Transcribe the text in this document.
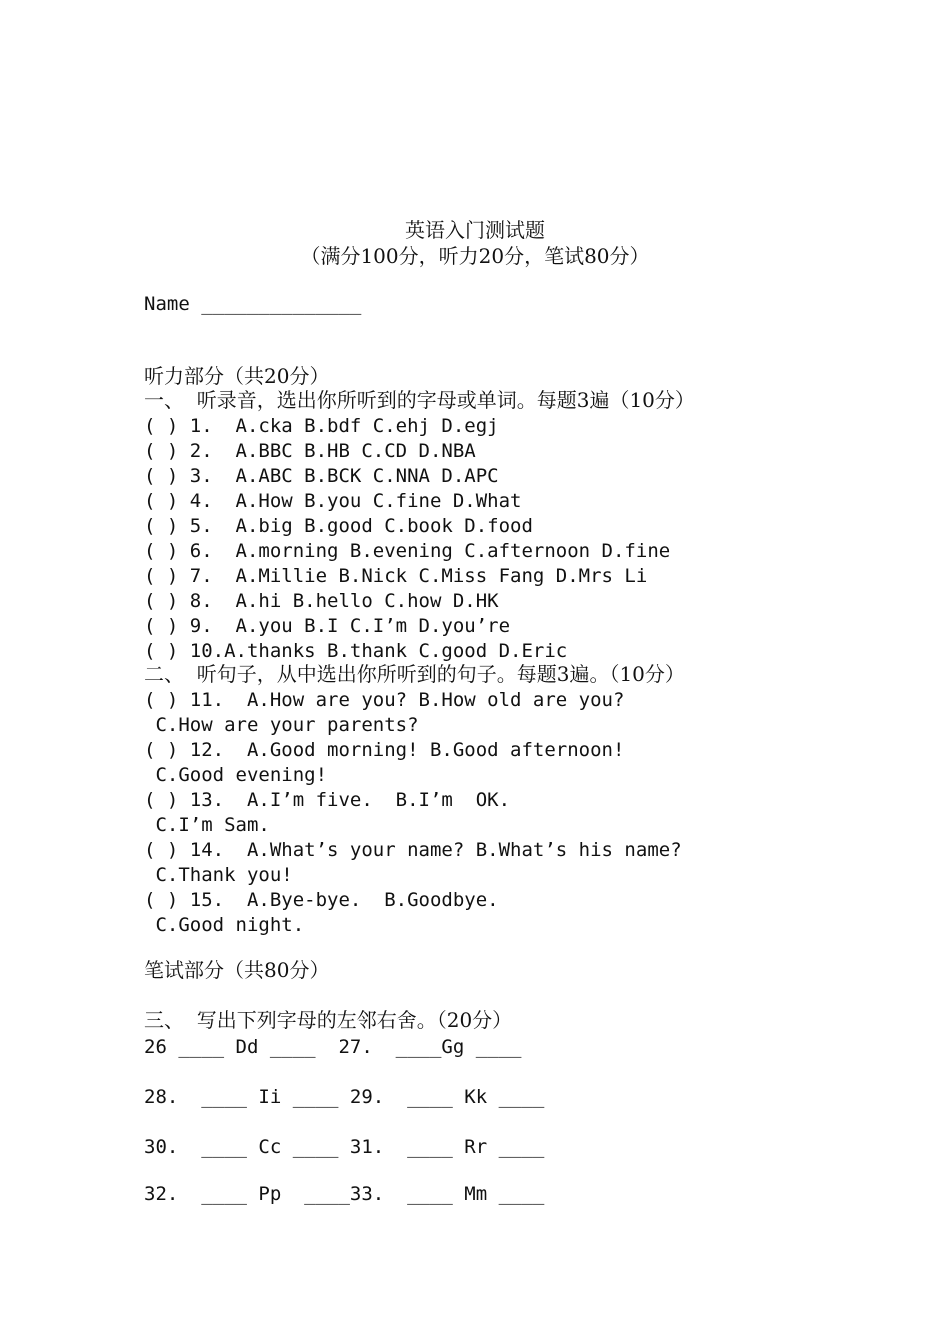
英语入门测试题
（满分100分，听力20分，笔试80分）
Name ______________
听力部分（共20分）
一、  听录音，选出你所听到的字母或单词。每题3遍（10分）
( ) 1.  A.cka B.bdf C.ehj D.egj
( ) 2.  A.BBC B.HB C.CD D.NBA
( ) 3.  A.ABC B.BCK C.NNA D.APC
( ) 4.  A.How B.you C.fine D.What
( ) 5.  A.big B.good C.book D.food
( ) 6.  A.morning B.evening C.afternoon D.fine
( ) 7.  A.Millie B.Nick C.Miss Fang D.Mrs Li
( ) 8.  A.hi B.hello C.how D.HK
( ) 9.  A.you B.I C.I’m D.you’re
( ) 10.A.thanks B.thank C.good D.Eric
二、  听句子，从中选出你所听到的句子。每题3遍。（10分）
( ) 11.  A.How are you? B.How old are you?
C.How are your parents?
( ) 12.  A.Good morning! B.Good afternoon!
C.Good evening!
( ) 13.  A.I’m five.  B.I’m  OK.
C.I’m Sam.
( ) 14.  A.What’s your name? B.What’s his name?
C.Thank you!
( ) 15.  A.Bye-bye.  B.Goodbye.
C.Good night.
笔试部分（共80分）
三、  写出下列字母的左邻右舍。（20分）
26 ____ Dd ____  27.  ____Gg ____
28.  ____ Ii ____ 29.  ____ Kk ____
30.  ____ Cc ____ 31.  ____ Rr ____
32.  ____ Pp  ____33.  ____ Mm ____
